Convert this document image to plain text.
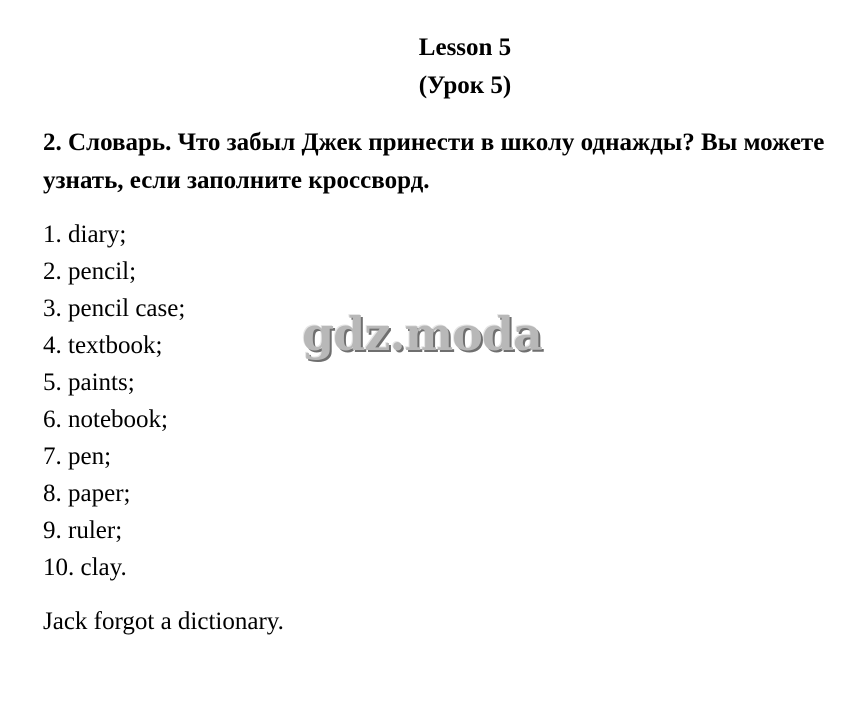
Lesson 5
(Урок 5)
2. Словарь. Что забыл Джек принести в школу однажды? Вы можете узнать, если заполните кроссворд.
1. diary;
2. pencil;
3. pencil case;
4. textbook;
5. paints;
6. notebook;
7. pen;
8. paper;
9. ruler;
10. clay.
Jack forgot a dictionary.
gdz.moda
